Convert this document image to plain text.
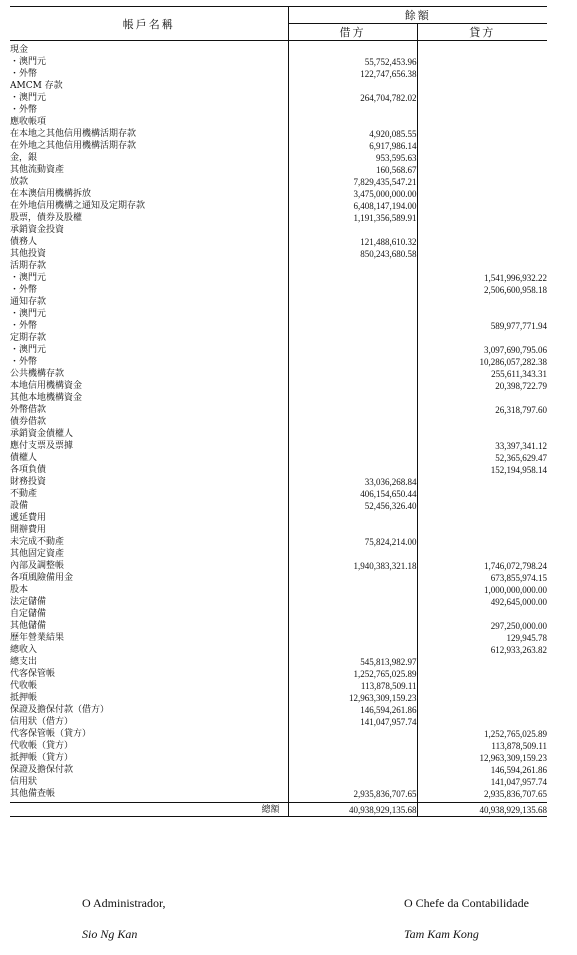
帳戶名稱	餘額	
	借方	貸方
現金		
・澳門元	55,752,453.96	
・外幣	122,747,656.38	
AMCM 存款		
・澳門元	264,704,782.02	
・外幣		
應收帳項		
在本地之其他信用機構活期存款	4,920,085.55	
在外地之其他信用機構活期存款	6,917,986.14	
金，銀	953,595.63	
其他流動資產	160,568.67	
放款	7,829,435,547.21	
在本澳信用機構拆放	3,475,000,000.00	
在外地信用機構之通知及定期存款	6,408,147,194.00	
股票，債券及股權	1,191,356,589.91	
承銷資金投資		
債務人	121,488,610.32	
其他投資	850,243,680.58	
活期存款		
・澳門元		1,541,996,932.22
・外幣		2,506,600,958.18
通知存款		
・澳門元		
・外幣		589,977,771.94
定期存款		
・澳門元		3,097,690,795.06
・外幣		10,286,057,282.38
公共機構存款		255,611,343.31
本地信用機構資金		20,398,722.79
其他本地機構資金		
外幣借款		26,318,797.60
債券借款		
承銷資金債權人		
應付支票及票據		33,397,341.12
債權人		52,365,629.47
各項負債		152,194,958.14
財務投資	33,036,268.84	
不動產	406,154,650.44	
設備	52,456,326.40	
遞延費用		
開辦費用		
未完成不動產	75,824,214.00	
其他固定資產		
內部及調整帳	1,940,383,321.18	1,746,072,798.24
各項風險備用金		673,855,974.15
股本		1,000,000,000.00
法定儲備		492,645,000.00
自定儲備		
其他儲備		297,250,000.00
歷年營業結果		129,945.78
總收入		612,933,263.82
總支出	545,813,982.97	
代客保管帳	1,252,765,025.89	
代收帳	113,878,509.11	
抵押帳	12,963,309,159.23	
保證及擔保付款（借方）	146,594,261.86	
信用狀（借方）	141,047,957.74	
代客保管帳（貸方）		1,252,765,025.89
代收帳（貸方）		113,878,509.11
抵押帳（貸方）		12,963,309,159.23
保證及擔保付款		146,594,261.86
信用狀		141,047,957.74
其他備查帳	2,935,836,707.65	2,935,836,707.65
總額	40,938,929,135.68	40,938,929,135.68
O Administrador,
Sio Ng Kan
O Chefe da Contabilidade
Tam Kam Kong
